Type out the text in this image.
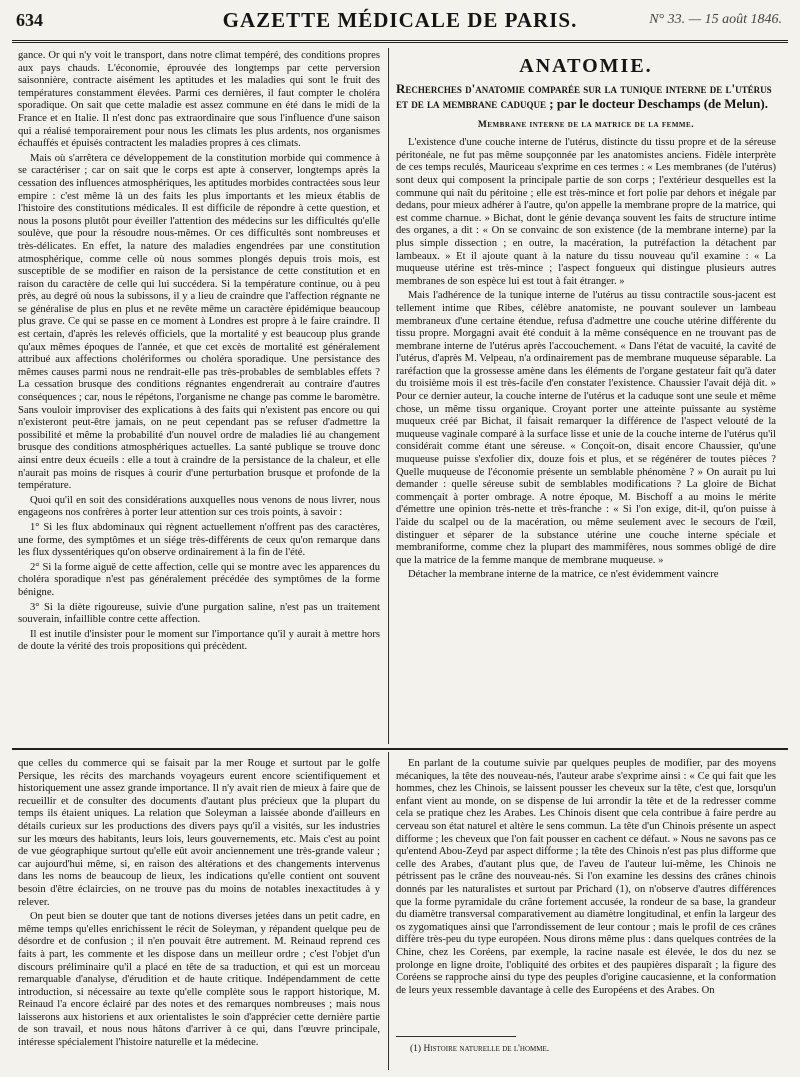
634	GAZETTE MÉDICALE DE PARIS.	N° 33. — 15 août 1846.

gance. Or qui n'y voit le transport, dans notre climat tempéré, des conditions propres aux pays chauds. L'économie, éprouvée des longtemps par cette perversion saisonnière, contracte aisément les aptitudes et les maladies qui sont le fruit des températures constamment élevées. Parmi ces dernières, il faut compter le choléra sporadique. On sait que cette maladie est assez commune en été dans le midi de la France et en Italie. Il n'est donc pas extraordinaire que sous l'influence d'une saison qui a réalisé temporairement pour nous les climats les plus ardents, nos organismes échauffés et épuisés contractent les maladies propres à ces climats.

Mais où s'arrêtera ce développement de la constitution morbide qui commence à se caractériser ; car on sait que le corps est apte à conserver, longtemps après la cessation des influences atmosphériques, les aptitudes morbides contractées sous leur empire : c'est même là un des faits les plus importants et les mieux établis de l'histoire des constitutions médicales. Il est difficile de répondre à cette question, et nous la posons plutôt pour éveiller l'attention des médecins sur les difficultés qu'elle soulève, que pour la résoudre nous-mêmes. Or ces difficultés sont nombreuses et très-délicates. En effet, la nature des maladies engendrées par une constitution atmosphérique, comme celle où nous sommes plongés depuis trois mois, est susceptible de se modifier en raison de la persistance de cette constitution et en raison du caractère de celle qui lui succédera. Si la température continue, ou à peu près, au degré où nous la subissons, il y a lieu de craindre que l'affection régnante ne se généralise de plus en plus et ne revête même un caractère épidémique beaucoup plus grave. Ce qui se passe en ce moment à Londres est propre à le faire craindre. Il est certain, d'après les relevés officiels, que la mortalité y est beaucoup plus grande qu'aux mêmes époques de l'année, et que cet excès de mortalité est généralement attribué aux affections cholériformes ou choléra sporadique. Une persistance des mêmes causes parmi nous ne rendrait-elle pas très-probables de semblables effets ? La cessation brusque des conditions régnantes engendrerait au contraire d'autres conséquences ; car, nous le répétons, l'organisme ne change pas comme le baromètre. Sans vouloir improviser des explications à des faits qui n'existent pas encore ou qui n'existeront peut-être jamais, on ne peut cependant pas se refuser d'admettre la possibilité et même la probabilité d'un nouvel ordre de maladies lié au changement brusque des conditions atmosphériques actuelles. La santé publique se trouve donc ainsi entre deux écueils : elle a tout à craindre de la persistance de la chaleur, et elle n'aurait pas moins de risques à courir d'une perturbation brusque et profonde de la température.

Quoi qu'il en soit des considérations auxquelles nous venons de nous livrer, nous engageons nos confrères à porter leur attention sur ces trois points, à savoir :

1° Si les flux abdominaux qui règnent actuellement n'offrent pas des caractères, une forme, des symptômes et un siége très-différents de ceux qu'on remarque dans les flux dyssentériques qu'on observe ordinairement à la fin de l'été.

2° Si la forme aiguë de cette affection, celle qui se montre avec les apparences du choléra sporadique n'est pas généralement précédée des symptômes de la forme bénigne.

3° Si la diète rigoureuse, suivie d'une purgation saline, n'est pas un traitement souverain, infaillible contre cette affection.

Il est inutile d'insister pour le moment sur l'importance qu'il y aurait à mettre hors de doute la vérité des trois propositions qui précèdent.

ANATOMIE.
Recherches d'anatomie comparée sur la tunique interne de l'utérus et de la membrane caduque ; par le docteur Deschamps (de Melun).
Membrane interne de la matrice de la femme.

L'existence d'une couche interne de l'utérus, distincte du tissu propre et de la séreuse péritonéale, ne fut pas même soupçonnée par les anatomistes anciens. Fidèle interprète de ces temps reculés, Mauriceau s'exprime en ces termes : « Les membranes (de l'utérus) sont deux qui composent la principale partie de son corps ; l'extérieur desquelles est la commune qui naît du péritoine ; elle est très-mince et fort polie par dehors et inégale par dedans, pour mieux adhérer à l'autre, qu'on appelle la membrane propre de la matrice, qui est comme charnue. » Bichat, dont le génie devança souvent les faits de structure intime des organes, a dit : « On se convainc de son existence (de la membrane interne) par la plus simple dissection ; en outre, la macération, la putréfaction la détachent par lambeaux. » Et il ajoute quant à la nature du tissu nouveau qu'il examine : « La muqueuse utérine est très-mince ; l'aspect fongueux qui distingue plusieurs autres membranes de son espèce lui est tout à fait étranger. »

Mais l'adhérence de la tunique interne de l'utérus au tissu contractile sous-jacent est tellement intime que Ribes, célèbre anatomiste, ne pouvant soulever un lambeau membraneux d'une certaine étendue, refusa d'admettre une couche utérine différente du tissu propre. Morgagni avait été conduit à la même conséquence en ne trouvant pas de membrane interne de l'utérus après l'accouchement. « Dans l'état de vacuité, la cavité de l'utérus, d'après M. Velpeau, n'a ordinairement pas de membrane muqueuse séparable. La raréfaction que la grossesse amène dans les éléments de l'organe gestateur fait qu'à dater du troisième mois il est très-facile d'en constater l'existence. Chaussier l'avait déjà dit. » Pour ce dernier auteur, la couche interne de l'utérus et la caduque sont une seule et même chose, un même tissu organique. Croyant porter une atteinte puissante au système muqueux créé par Bichat, il faisait remarquer la différence de l'aspect velouté de la muqueuse vaginale comparé à la surface lisse et unie de la couche interne de l'utérus qu'il considérait comme étant une séreuse. « Conçoit-on, disait encore Chaussier, qu'une muqueuse puisse s'exfolier dix, douze fois et plus, et se régénérer de toutes pièces ? Quelle muqueuse de l'économie présente un semblable phénomène ? » On aurait pu lui demander : quelle séreuse subit de semblables modifications ? La gloire de Bichat commençait à porter ombrage. A notre époque, M. Bischoff a au moins le mérite d'émettre une opinion très-nette et très-franche : « Si l'on exige, dit-il, qu'on puisse à l'aide du scalpel ou de la macération, ou même seulement avec le secours de l'œil, distinguer et séparer de la substance utérine une couche interne spéciale et membraniforme, comme chez la plupart des mammifères, nous sommes obligé de dire que la matrice de la femme manque de membrane muqueuse. »

Détacher la membrane interne de la matrice, ce n'est évidemment vaincre

que celles du commerce qui se faisait par la mer Rouge et surtout par le golfe Persique, les récits des marchands voyageurs eurent encore scientifiquement et historiquement une assez grande importance. Il n'y avait rien de mieux à faire que de recueillir et de consulter des documents d'autant plus précieux que la plupart du temps ils étaient uniques. La relation que Soleyman a laissée abonde d'ailleurs en détails curieux sur les productions des divers pays qu'il a visités, sur les industries sur les mœurs des habitants, leurs lois, leurs gouvernements, etc. Mais c'est au point de vue géographique surtout qu'elle eût avoir anciennement une très-grande valeur ; car aujourd'hui même, si, en raison des altérations et des changements intervenus dans les noms de beaucoup de lieux, les indications qu'elle contient ont souvent besoin d'être éclaircies, on ne trouve pas du moins de notables inexactitudes à y relever.

On peut bien se douter que tant de notions diverses jetées dans un petit cadre, en même temps qu'elles enrichissent le récit de Soleyman, y répandent quelque peu de désordre et de confusion ; il n'en pouvait être autrement. M. Reinaud reprend ces faits à part, les commente et les dispose dans un meilleur ordre ; c'est l'objet d'un discours préliminaire qu'il a placé en tête de sa traduction, et qui est un morceau remarquable d'analyse, d'érudition et de haute critique. Indépendamment de cette introduction, si nécessaire au texte qu'elle complète sous le rapport historique, M. Reinaud l'a encore éclairé par des notes et des remarques nombreuses ; mais nous laisserons aux historiens et aux orientalistes le soin d'apprécier cette dernière partie de son travail, et nous nous hâtons d'arriver à ce qui, dans l'œuvre principale, intéresse spécialement l'histoire naturelle et la médecine.

En parlant de la coutume suivie par quelques peuples de modifier, par des moyens mécaniques, la tête des nouveau-nés, l'auteur arabe s'exprime ainsi : « Ce qui fait que les hommes, chez les Chinois, se laissent pousser les cheveux sur la tête, c'est que, lorsqu'un enfant vient au monde, on se dispense de lui arrondir la tête et de la redresser comme cela se pratique chez les Arabes. Les Chinois disent que cela contribue à faire perdre au cerveau son état naturel et altère le sens commun. La tête d'un Chinois présente un aspect difforme ; les cheveux que l'on fait pousser en cachent ce défaut. » Nous ne savons pas ce qu'entend Abou-Zeyd par aspect difforme ; la tête des Chinois n'est pas plus difforme que celle des Arabes, d'autant plus que, de l'aveu de l'auteur lui-même, les Chinois ne pétrissent pas le crâne des nouveau-nés. Si l'on examine les dessins des crânes chinois donnés par les naturalistes et surtout par Prichard (1), on n'observe d'autres différences que la forme pyramidale du crâne fortement accusée, la rondeur de sa base, la grandeur du diamètre transversal comparativement au diamètre longitudinal, et enfin la largeur des os zygomatiques ainsi que l'arrondissement de leur contour ; mais le profil de ces crânes diffère très-peu du type européen. Nous dirons même plus : dans quelques contrées de la Chine, chez les Coréens, par exemple, la racine nasale est élevée, le dos du nez se prolonge en ligne droite, l'obliquité des orbites et des paupières disparaît ; la figure des Coréens se rapproche ainsi du type des peuples d'origine caucasienne, et la conformation de leurs yeux ressemble davantage à celle des Européens et des Arabes. On

(1) Histoire naturelle de l'homme.
